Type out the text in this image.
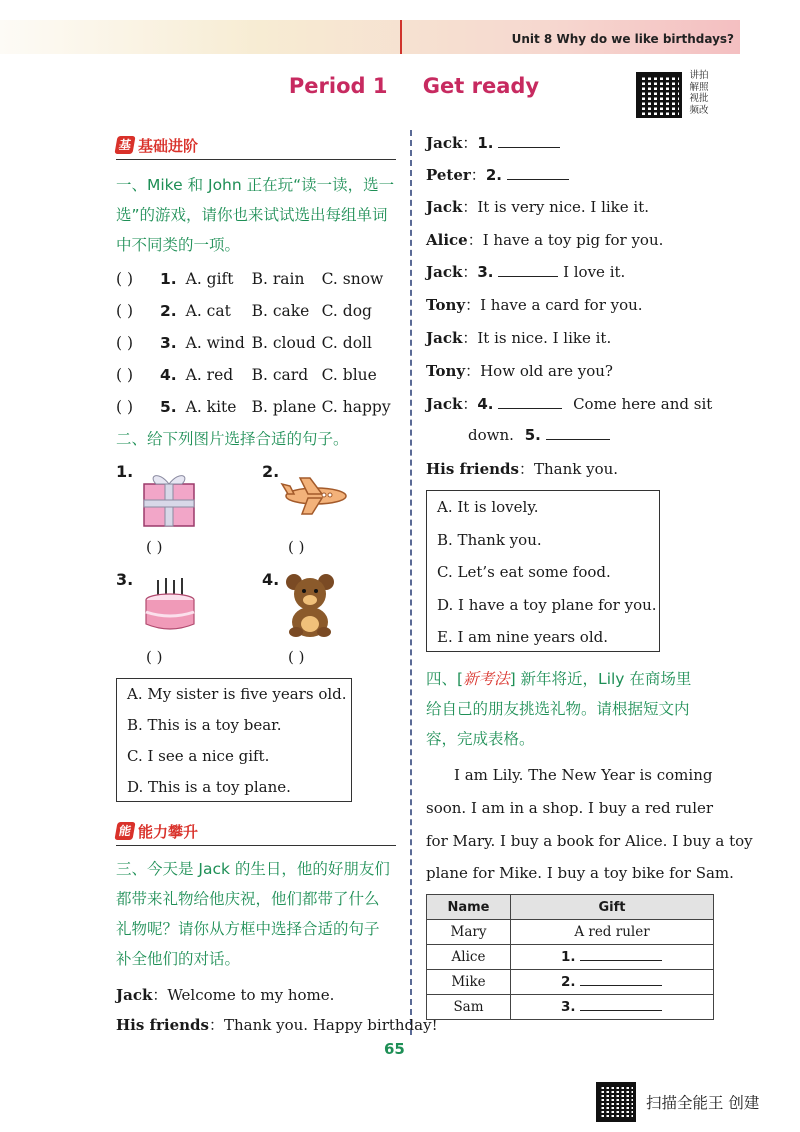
Unit 8 Why do we like birthdays?
Period 1 Get ready	讲拍解照视批频改
基 基础进阶
一、Mike 和 John 正在玩“读一读，选一
选”的游戏，请你也来试试选出每组单词
中不同类的一项。
( ) 1. A. gift B. rain C. snow
( ) 2. A. cat B. cake C. dog
( ) 3. A. wind B. cloud C. doll
( ) 4. A. red B. card C. blue
( ) 5. A. kite B. plane C. happy
二、给下列图片选择合适的句子。
1.
( )
2.
( )
3.
( )
4.
( )
A. My sister is five years old.
B. This is a toy bear.
C. I see a nice gift.
D. This is a toy plane.
能 能力攀升
三、今天是 Jack 的生日，他的好朋友们
都带来礼物给他庆祝，他们都带了什么
礼物呢？请你从方框中选择合适的句子
补全他们的对话。
Jack：Welcome to my home.
His friends：Thank you. Happy birthday!
Jack：1.
Peter：2.
Jack：It is very nice. I like it.
Alice：I have a toy pig for you.
Jack：3.	I love it.
Tony：I have a card for you.
Jack：It is nice. I like it.
Tony：How old are you?
Jack：4.	Come here and sit
down. 5.
His friends：Thank you.
A. It is lovely.
B. Thank you.
C. Let’s eat some food.
D. I have a toy plane for you.
E. I am nine years old.
四、[新考法] 新年将近，Lily 在商场里
给自己的朋友挑选礼物。请根据短文内
容，完成表格。
I am Lily. The New Year is coming
soon. I am in a shop. I buy a red ruler
for Mary. I buy a book for Alice. I buy a toy
plane for Mike. I buy a toy bike for Sam.
Name	Gift
Mary	A red ruler
Alice	1.
Mike	2.
Sam	3.
65
扫描全能王 创建
